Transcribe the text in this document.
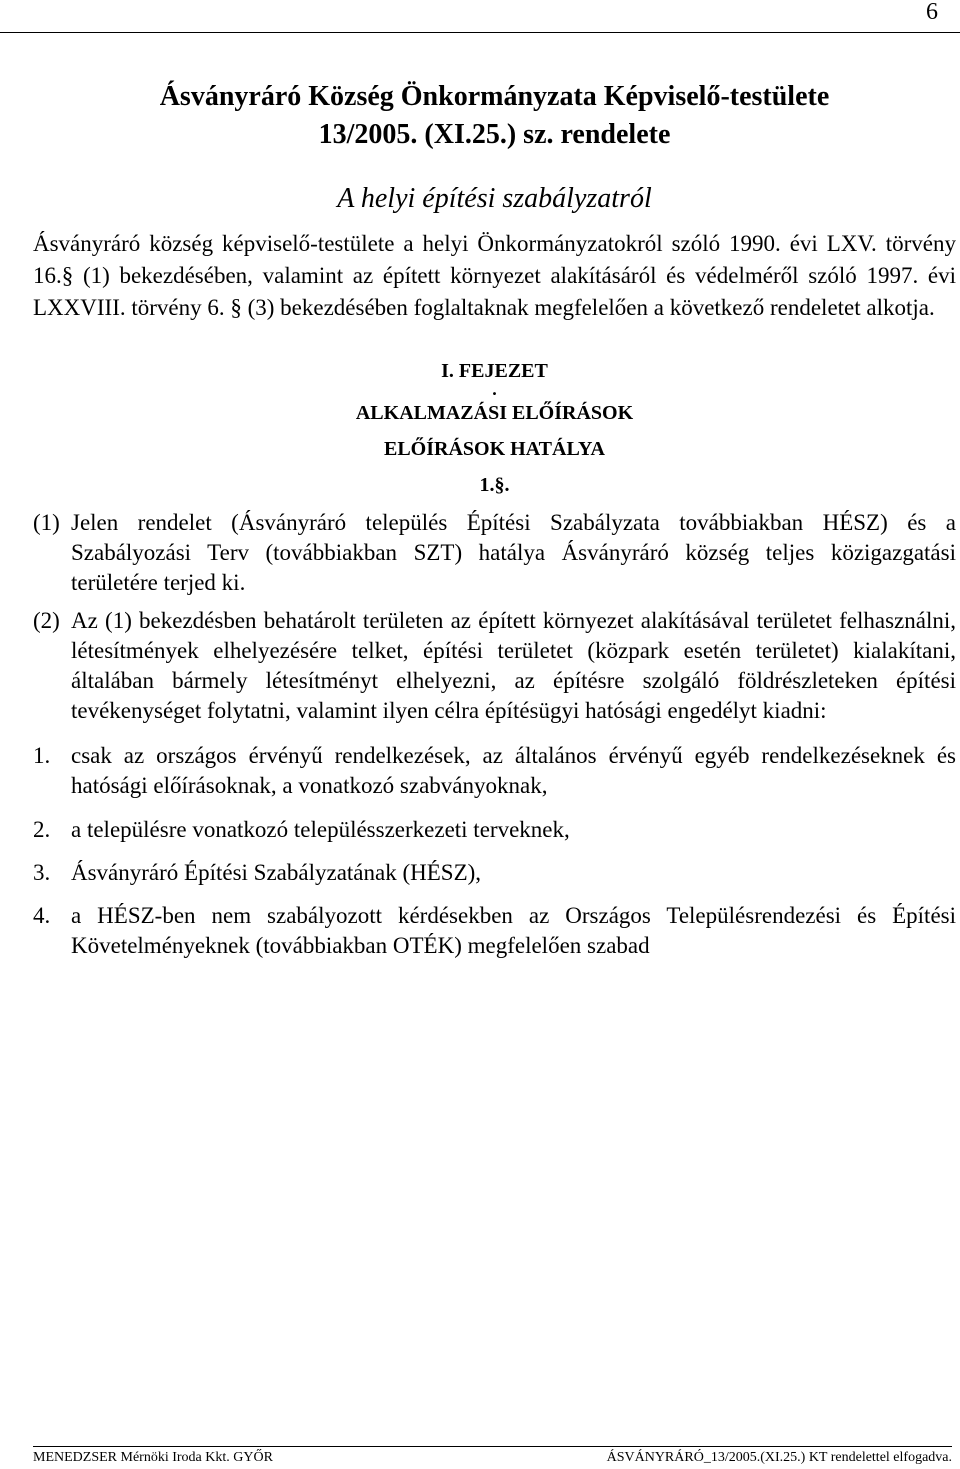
6

Ásványráró Község Önkormányzata Képviselő-testülete

13/2005. (XI.25.) sz. rendelete

A helyi építési szabályzatról

Ásványráró község képviselő-testülete a helyi Önkormányzatokról szóló 1990. évi LXV. törvény 16.§ (1) bekezdésében, valamint az épített környezet alakításáról és védelméről szóló 1997. évi LXXVIII. törvény 6. § (3) bekezdésében foglaltaknak megfelelően a következő rendeletet alkotja.

I. FEJEZET

.

ALKALMAZÁSI ELŐÍRÁSOK

ELŐÍRÁSOK HATÁLYA

1.§.

(1) Jelen rendelet (Ásványráró település Építési Szabályzata továbbiakban HÉSZ) és a Szabályozási Terv (továbbiakban SZT) hatálya Ásványráró község teljes közigazgatási területére terjed ki.
(2) Az (1) bekezdésben behatárolt területen az épített környezet alakításával területet felhasználni, létesítmények elhelyezésére telket, építési területet (közpark esetén területet) kialakítani, általában bármely létesítményt elhelyezni, az építésre szolgáló földrészleteken építési tevékenységet folytatni, valamint ilyen célra építésügyi hatósági engedélyt kiadni:
1. csak az országos érvényű rendelkezések, az általános érvényű egyéb rendelkezéseknek és hatósági előírásoknak, a vonatkozó szabványoknak,
2. a településre vonatkozó településszerkezeti terveknek,
3. Ásványráró Építési Szabályzatának (HÉSZ),
4. a HÉSZ-ben nem szabályozott kérdésekben az Országos Településrendezési és Építési Követelményeknek (továbbiakban OTÉK) megfelelően szabad
MENEDZSER Mérnöki Iroda Kkt. GYŐR	ÁSVÁNYRÁRÓ_13/2005.(XI.25.) KT rendelettel elfogadva.
